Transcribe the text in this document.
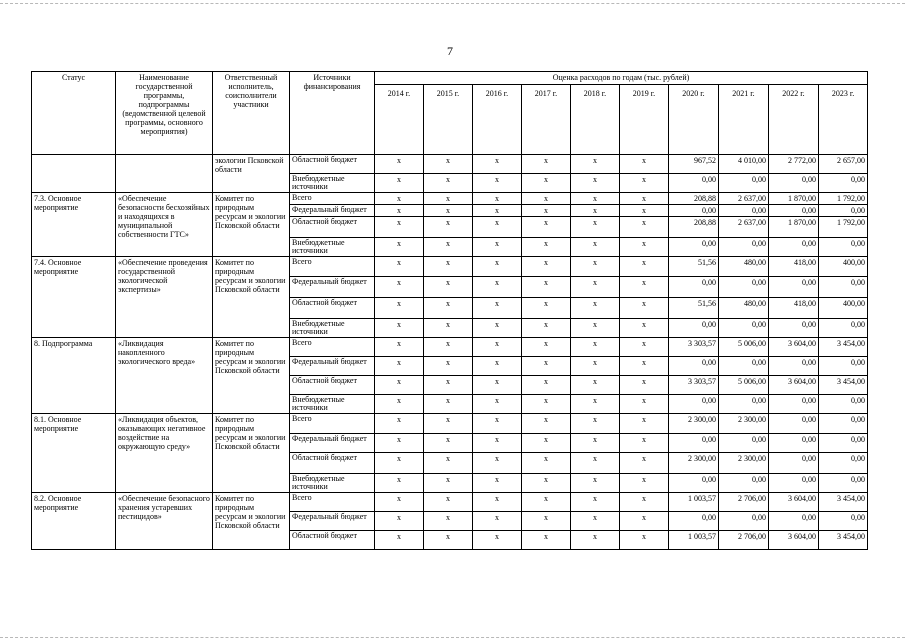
7
Статус	Наименование государственной программы, подпрограммы (ведомственной целевой программы, основного мероприятия)	Ответственный исполнитель, соисполнители участники	Источники финансирования	Оценка расходов по годам (тыс. рублей)									
				2014 г.	2015 г.	2016 г.	2017 г.	2018 г.	2019 г.	2020 г.	2021 г.	2022 г.	2023 г.
		экологии Псковской области	Областной бюджет	х	х	х	х	х	х	967,52	4 010,00	2 772,00	2 657,00
			Внебюджетные источники	х	х	х	х	х	х	0,00	0,00	0,00	0,00
7.3. Основное мероприятие	«Обеспечение безопасности бесхозяйных и находящихся в муниципальной собственности ГТС»	Комитет по природным ресурсам и экологии Псковской области	Всего	х	х	х	х	х	х	208,88	2 637,00	1 870,00	1 792,00
			Федеральный бюджет	х	х	х	х	х	х	0,00	0,00	0,00	0,00
			Областной бюджет	х	х	х	х	х	х	208,88	2 637,00	1 870,00	1 792,00
			Внебюджетные источники	х	х	х	х	х	х	0,00	0,00	0,00	0,00
7.4. Основное мероприятие	«Обеспечение проведения государственной экологической экспертизы»	Комитет по природным ресурсам и экологии Псковской области	Всего	х	х	х	х	х	х	51,56	480,00	418,00	400,00
			Федеральный бюджет	х	х	х	х	х	х	0,00	0,00	0,00	0,00
			Областной бюджет	х	х	х	х	х	х	51,56	480,00	418,00	400,00
			Внебюджетные источники	х	х	х	х	х	х	0,00	0,00	0,00	0,00
8. Подпрограмма	«Ликвидация накопленного экологического вреда»	Комитет по природным ресурсам и экологии Псковской области	Всего	х	х	х	х	х	х	3 303,57	5 006,00	3 604,00	3 454,00
			Федеральный бюджет	х	х	х	х	х	х	0,00	0,00	0,00	0,00
			Областной бюджет	х	х	х	х	х	х	3 303,57	5 006,00	3 604,00	3 454,00
			Внебюджетные источники	х	х	х	х	х	х	0,00	0,00	0,00	0,00
8.1. Основное мероприятие	«Ликвидация объектов, оказывающих негативное воздействие на окружающую среду»	Комитет по природным ресурсам и экологии Псковской области	Всего	х	х	х	х	х	х	2 300,00	2 300,00	0,00	0,00
			Федеральный бюджет	х	х	х	х	х	х	0,00	0,00	0,00	0,00
			Областной бюджет	х	х	х	х	х	х	2 300,00	2 300,00	0,00	0,00
			Внебюджетные источники	х	х	х	х	х	х	0,00	0,00	0,00	0,00
8.2. Основное мероприятие	«Обеспечение безопасного хранения устаревших пестицидов»	Комитет по природным ресурсам и экологии Псковской области	Всего	х	х	х	х	х	х	1 003,57	2 706,00	3 604,00	3 454,00
			Федеральный бюджет	х	х	х	х	х	х	0,00	0,00	0,00	0,00
			Областной бюджет	х	х	х	х	х	х	1 003,57	2 706,00	3 604,00	3 454,00
